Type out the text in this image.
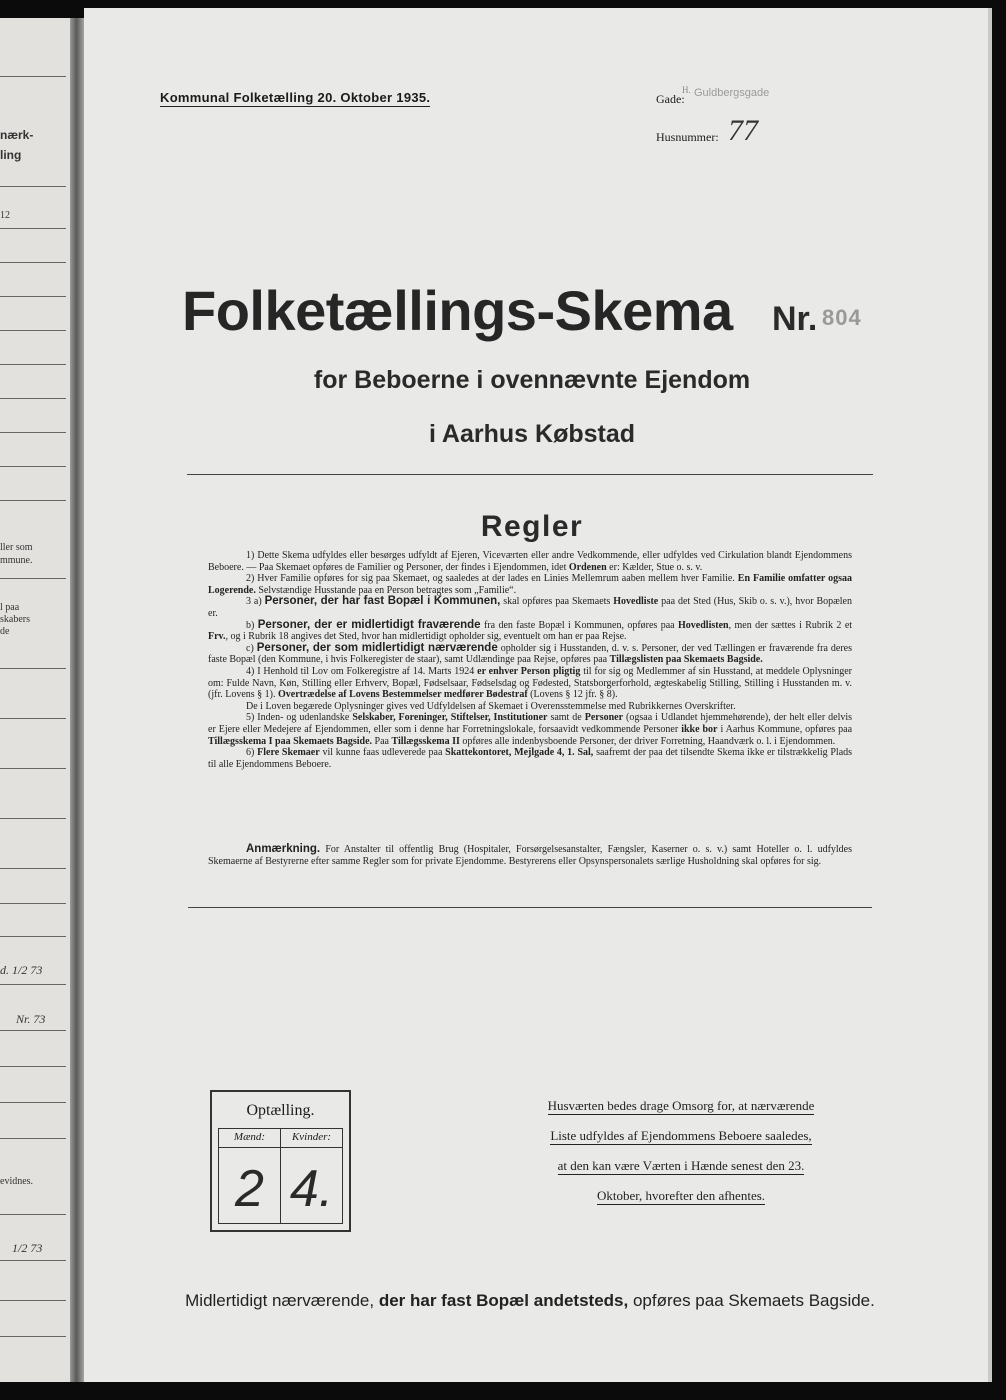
nærk-
ling
12
ller som
mmune.
l paa
skabers
de
d. 1/2 73
Nr. 73
evidnes.
1/2 73
Kommunal Folketælling 20. Oktober 1935.	Gade:
H. Guldbergsgade
Husnummer: 77
Folketællings-Skema Nr. 804
for Beboerne i ovennævnte Ejendom
i Aarhus Købstad
Regler

1) Dette Skema udfyldes eller besørges udfyldt af Ejeren, Viceværten eller andre Vedkommende, eller udfyldes ved Cirkulation blandt Ejendommens Beboere. — Paa Skemaet opføres de Familier og Personer, der findes i Ejendommen, idet Ordenen er: Kælder, Stue o. s. v.

2) Hver Familie opføres for sig paa Skemaet, og saaledes at der lades en Linies Mellemrum aaben mellem hver Familie. En Familie omfatter ogsaa Logerende. Selvstændige Husstande paa en Person betragtes som „Familie“.

3 a) Personer, der har fast Bopæl i Kommunen, skal opføres paa Skemaets Hovedliste paa det Sted (Hus, Skib o. s. v.), hvor Bopælen er.

b) Personer, der er midlertidigt fraværende fra den faste Bopæl i Kommunen, opføres paa Hovedlisten, men der sættes i Rubrik 2 et Frv., og i Rubrik 18 angives det Sted, hvor han midlertidigt opholder sig, eventuelt om han er paa Rejse.

c) Personer, der som midlertidigt nærværende opholder sig i Husstanden, d. v. s. Personer, der ved Tællingen er fraværende fra deres faste Bopæl (den Kommune, i hvis Folkeregister de staar), samt Udlændinge paa Rejse, opføres paa Tillægslisten paa Skemaets Bagside.

4) I Henhold til Lov om Folkeregistre af 14. Marts 1924 er enhver Person pligtig til for sig og Medlemmer af sin Husstand, at meddele Oplysninger om: Fulde Navn, Køn, Stilling eller Erhverv, Bopæl, Fødselsaar, Fødselsdag og Fødested, Statsborgerforhold, ægteskabelig Stilling, Stilling i Husstanden m. v. (jfr. Lovens § 1). Overtrædelse af Lovens Bestemmelser medfører Bødestraf (Lovens § 12 jfr. § 8).

De i Loven begærede Oplysninger gives ved Udfyldelsen af Skemaet i Overensstemmelse med Rubrikkernes Overskrifter.

5) Inden- og udenlandske Selskaber, Foreninger, Stiftelser, Institutioner samt de Personer (ogsaa i Udlandet hjemmehørende), der helt eller delvis er Ejere eller Medejere af Ejendommen, eller som i denne har Forretningslokale, forsaavidt vedkommende Personer ikke bor i Aarhus Kommune, opføres paa Tillægsskema I paa Skemaets Bagside. Paa Tillægsskema II opføres alle indenbysboende Personer, der driver Forretning, Haandværk o. l. i Ejendommen.

6) Flere Skemaer vil kunne faas udleverede paa Skattekontoret, Mejlgade 4, 1. Sal, saafremt der paa det tilsendte Skema ikke er tilstrækkelig Plads til alle Ejendommens Beboere.

Anmærkning. For Anstalter til offentlig Brug (Hospitaler, Forsørgelsesanstalter, Fængsler, Kaserner o. s. v.) samt Hoteller o. l. udfyldes Skemaerne af Bestyrerne efter samme Regler som for private Ejendomme. Bestyrerens eller Opsynspersonalets særlige Husholdning skal opføres for sig.

Optælling.
Mænd:	Kvinder:
2 4.
Husværten bedes drage Omsorg for, at nærværende
Liste udfyldes af Ejendommens Beboere saaledes,
at den kan være Værten i Hænde senest den 23.
Oktober, hvorefter den afhentes.
Midlertidigt nærværende, der har fast Bopæl andetsteds, opføres paa Skemaets Bagside.
